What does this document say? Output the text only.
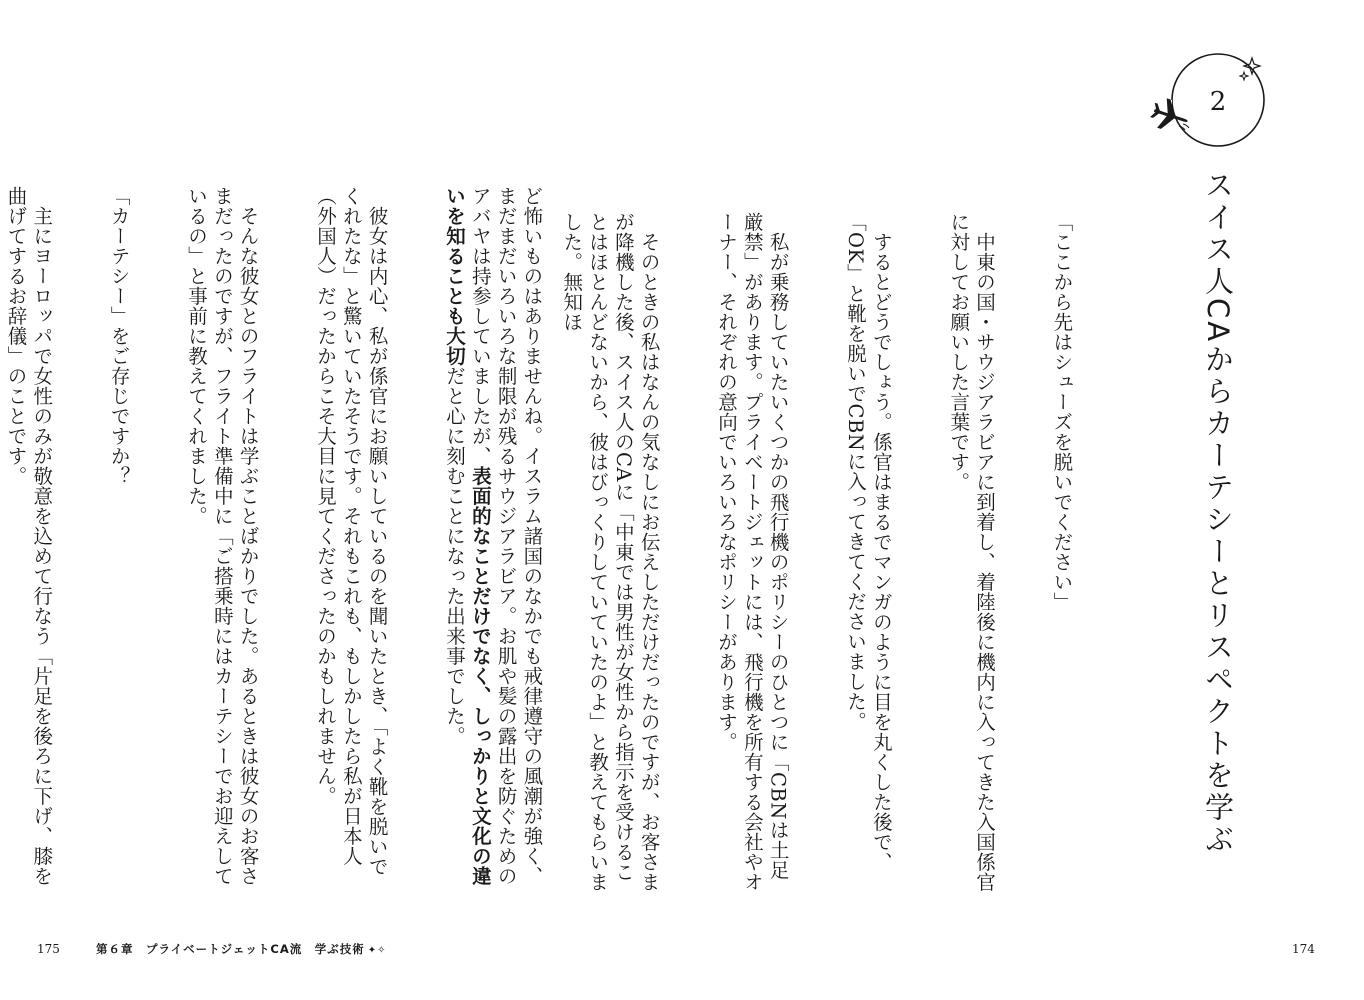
2
スイス人CAからカーテシーとリスペクトを学ぶ

「ここから先はシューズを脱いでください」

　中東の国・サウジアラビアに到着し、着陸後に機内に入ってきた入国係官に対してお願いした言葉です。

　するとどうでしょう。係官はまるでマンガのように目を丸くした後で、「OK」と靴を脱いでCBNに入ってきてくださいました。

　私が乗務していたいくつかの飛行機のポリシーのひとつに「CBNは土足厳禁」があります。プライベートジェットには、飛行機を所有する会社やオーナー、それぞれの意向でいろいろなポリシーがあります。

　そのときの私はなんの気なしにお伝えしただけだったのですが、お客さまが降機した後、スイス人のCAに「中東では男性が女性から指示を受けることはほとんどないから、彼はびっくりしていていたのよ」と教えてもらいました。無知ほ

ど怖いものはありませんね。イスラム諸国のなかでも戒律遵守の風潮が強く、まだまだいろいろな制限が残るサウジアラビア。お肌や髪の露出を防ぐためのアバヤは持参していましたが、表面的なことだけでなく、しっかりと文化の違いを知ることも大切だと心に刻むことになった出来事でした。

　彼女は内心、私が係官にお願いしているのを聞いたとき、「よく靴を脱いでくれたな」と驚いていたそうです。それもこれも、もしかしたら私が日本人（外国人）だったからこそ大目に見てくださったのかもしれません。

　そんな彼女とのフライトは学ぶことばかりでした。あるときは彼女のお客さまだったのですが、フライト準備中に「ご搭乗時にはカーテシーでお迎えしているの」と事前に教えてくれました。

「カーテシー」をご存じですか？

　主にヨーロッパで女性のみが敬意を込めて行なう「片足を後ろに下げ、膝を曲げてするお辞儀」のことです。

175	第６章　プライベートジェットCA流　学ぶ技術 ✦✧	174
